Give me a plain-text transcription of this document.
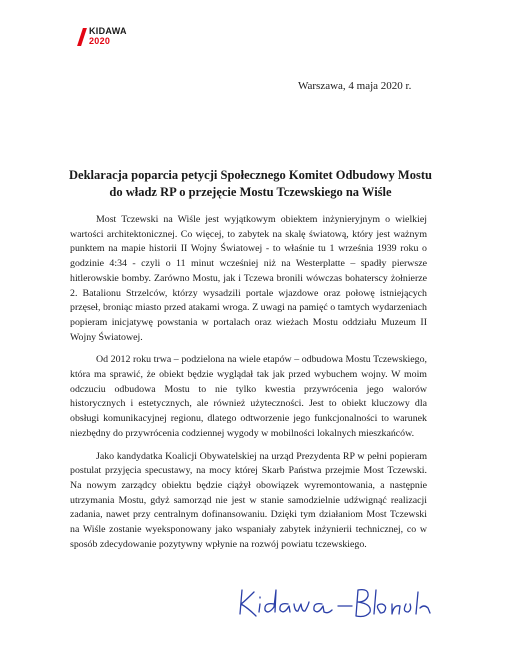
KIDAWA
2020
Warszawa, 4 maja 2020 r.
Deklaracja poparcia petycji Społecznego Komitet Odbudowy Mostu
do władz RP o przejęcie Mostu Tczewskiego na Wiśle

Most Tczewski na Wiśle jest wyjątkowym obiektem inżynieryjnym o wielkiej wartości architektonicznej. Co więcej, to zabytek na skalę światową, który jest ważnym punktem na mapie historii II Wojny Światowej - to właśnie tu 1 września 1939 roku o godzinie 4:34 - czyli o 11 minut wcześniej niż na Westerplatte – spadły pierwsze hitlerowskie bomby. Zarówno Mostu, jak i Tczewa bronili wówczas bohaterscy żołnierze 2. Batalionu Strzelców, którzy wysadzili portale wjazdowe oraz połowę istniejących przęseł, broniąc miasto przed atakami wroga. Z uwagi na pamięć o tamtych wydarzeniach popieram inicjatywę powstania w portalach oraz wieżach Mostu oddziału Muzeum II Wojny Światowej.

Od 2012 roku trwa – podzielona na wiele etapów – odbudowa Mostu Tczewskiego, która ma sprawić, że obiekt będzie wyglądał tak jak przed wybuchem wojny. W moim odczuciu odbudowa Mostu to nie tylko kwestia przywrócenia jego walorów historycznych i estetycznych, ale również użyteczności. Jest to obiekt kluczowy dla obsługi komunikacyjnej regionu, dlatego odtworzenie jego funkcjonalności to warunek niezbędny do przywrócenia codziennej wygody w mobilności lokalnych mieszkańców.

Jako kandydatka Koalicji Obywatelskiej na urząd Prezydenta RP w pełni popieram postulat przyjęcia specustawy, na mocy której Skarb Państwa przejmie Most Tczewski. Na nowym zarządcy obiektu będzie ciążył obowiązek wyremontowania, a następnie utrzymania Mostu, gdyż samorząd nie jest w stanie samodzielnie udźwignąć realizacji zadania, nawet przy centralnym dofinansowaniu. Dzięki tym działaniom Most Tczewski na Wiśle zostanie wyeksponowany jako wspaniały zabytek inżynierii technicznej, co w sposób zdecydowanie pozytywny wpłynie na rozwój powiatu tczewskiego.
